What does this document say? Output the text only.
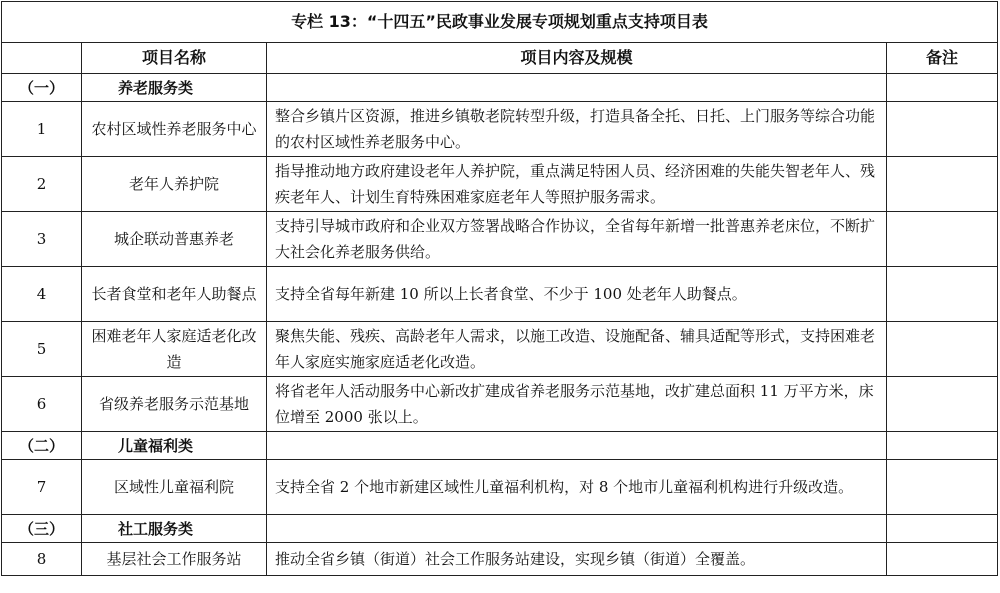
专栏 13：“十四五”民政事业发展专项规划重点支持项目表			
	项目名称	项目内容及规模	备注
（一）	养老服务类		
1	农村区域性养老服务中心	整合乡镇片区资源，推进乡镇敬老院转型升级，打造具备全托、日托、上门服务等综合功能的农村区域性养老服务中心。	
2	老年人养护院	指导推动地方政府建设老年人养护院，重点满足特困人员、经济困难的失能失智老年人、残疾老年人、计划生育特殊困难家庭老年人等照护服务需求。	
3	城企联动普惠养老	支持引导城市政府和企业双方签署战略合作协议，全省每年新增一批普惠养老床位，不断扩大社会化养老服务供给。	
4	长者食堂和老年人助餐点	支持全省每年新建 10 所以上长者食堂、不少于 100 处老年人助餐点。	
5	困难老年人家庭适老化改造	聚焦失能、残疾、高龄老年人需求，以施工改造、设施配备、辅具适配等形式，支持困难老年人家庭实施家庭适老化改造。	
6	省级养老服务示范基地	将省老年人活动服务中心新改扩建成省养老服务示范基地，改扩建总面积 11 万平方米，床位增至 2000 张以上。	
（二）	儿童福利类		
7	区域性儿童福利院	支持全省 2 个地市新建区域性儿童福利机构，对 8 个地市儿童福利机构进行升级改造。	
（三）	社工服务类		
8	基层社会工作服务站	推动全省乡镇（街道）社会工作服务站建设，实现乡镇（街道）全覆盖。	
